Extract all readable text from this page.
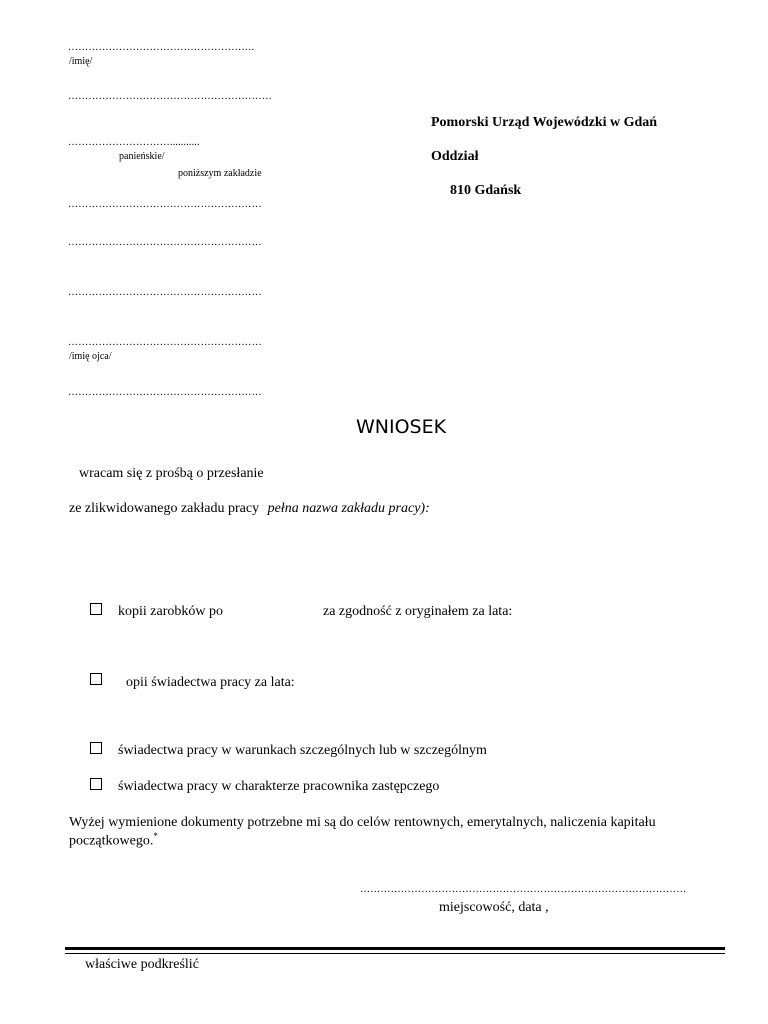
……………………………………………….
/imię/
……………………………………………………
…………………………...........
panieńskie/
poniższym zakładzie
…………………………………………………
…………………………………………………
…………………………………………………
…………………………………………………
/imię ojca/
…………………………………………………
Pomorski Urząd Wojewódzki w Gdań
Oddział
810 Gdańsk
WNIOSEK
wracam się z prośbą o przesłanie
ze zlikwidowanego zakładu pracy pełna nazwa zakładu pracy):
kopii zarobków po	za zgodność z oryginałem za lata:
opii świadectwa pracy za lata:
świadectwa pracy w warunkach szczególnych lub w szczególnym
świadectwa pracy w charakterze pracownika zastępczego
Wyżej wymienione dokumenty potrzebne mi są do celów rentownych, emerytalnych, naliczenia kapitału
początkowego.*
……………………………………………………………………………………
miejscowość, data ,
właściwe podkreślić
